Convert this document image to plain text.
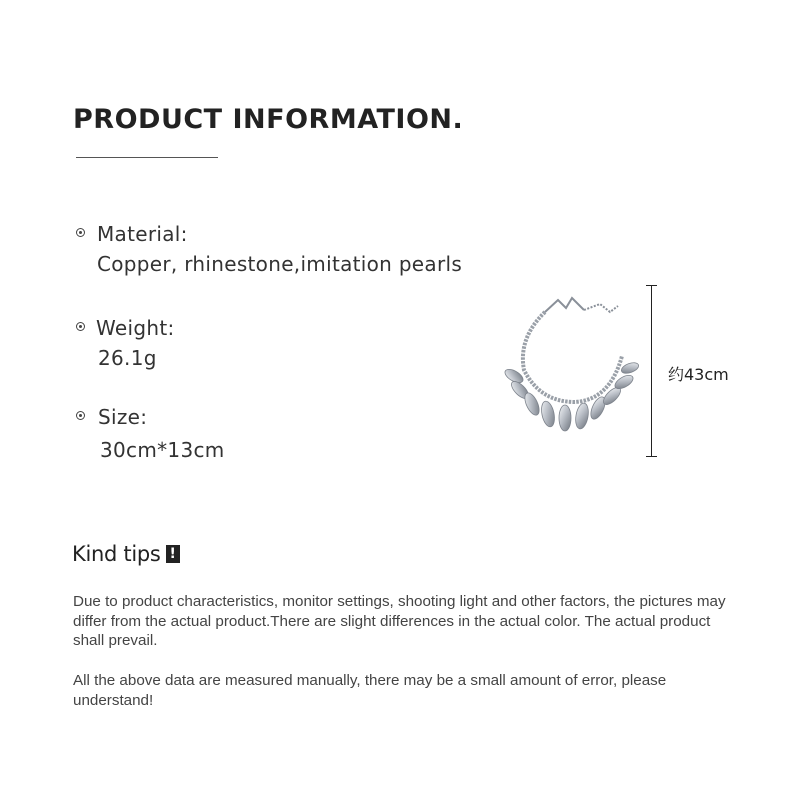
PRODUCT INFORMATION.
Material:
Copper, rhinestone,imitation pearls
Weight:
26.1g
Size:
30cm*13cm
约43cm
Kind tips !
Due to product characteristics, monitor settings, shooting light and other factors, the pictures may differ from the actual product.There are slight differences in the actual color. The actual product shall prevail.
All the above data are measured manually, there may be a small amount of error, please understand!
